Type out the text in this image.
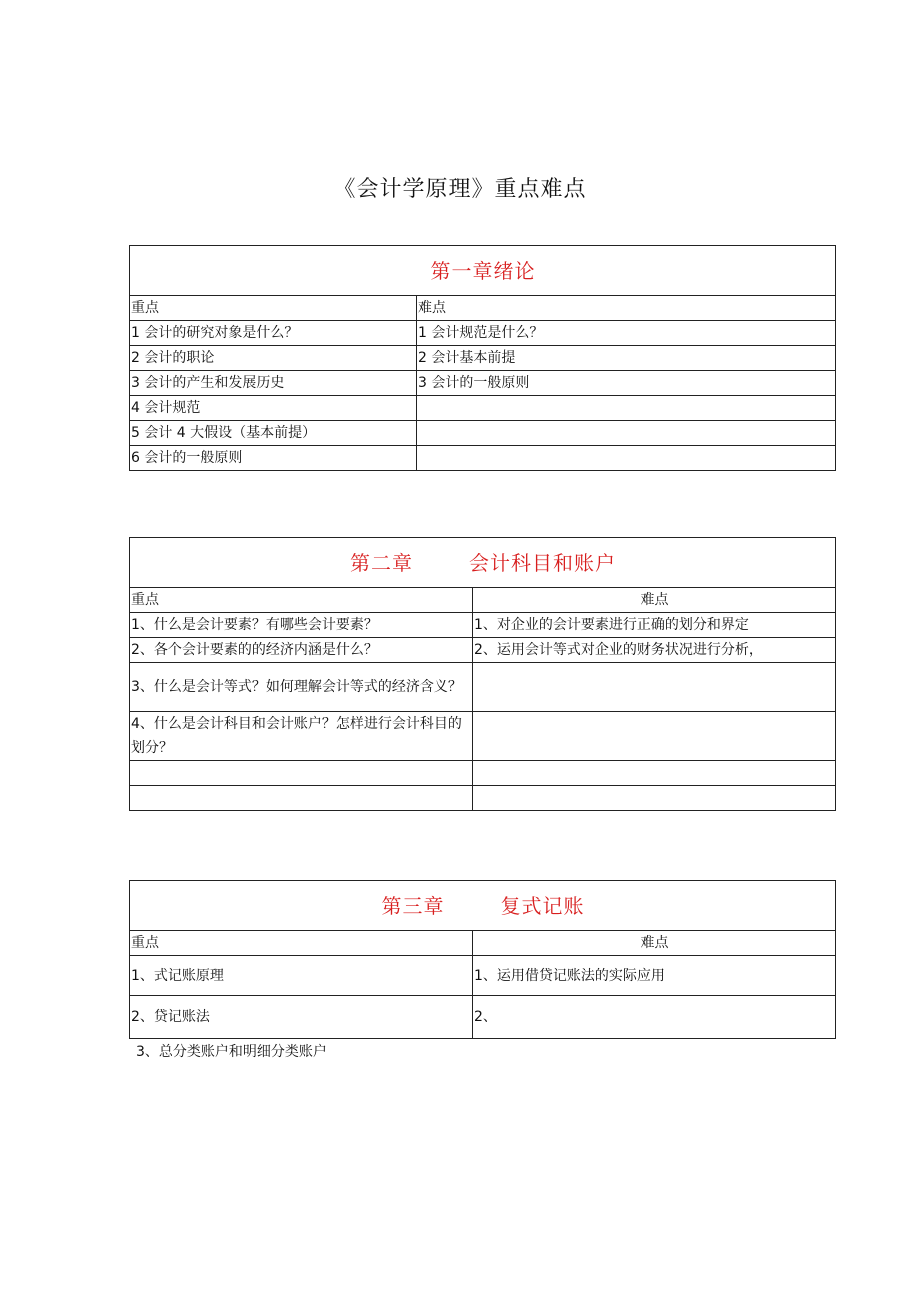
《会计学原理》重点难点
第一章绪论	
重点	难点
1 会计的研究对象是什么？	1 会计规范是什么？
2 会计的职论	2 会计基本前提
3 会计的产生和发展历史	3 会计的一般原则
4 会计规范	
5 会计 4 大假设（基本前提）	
6 会计的一般原则	
第二章 会计科目和账户	
重点	难点
1、什么是会计要素？有哪些会计要素？	1、对企业的会计要素进行正确的划分和界定
2、各个会计要素的的经济内涵是什么？	2、运用会计等式对企业的财务状况进行分析，
3、什么是会计等式？如何理解会计等式的经济含义？	
4、什么是会计科目和会计账户？怎样进行会计科目的划分？	

第三章 复式记账	
重点	难点
1、式记账原理	1、运用借贷记账法的实际应用
2、贷记账法	2、
3、总分类账户和明细分类账户
